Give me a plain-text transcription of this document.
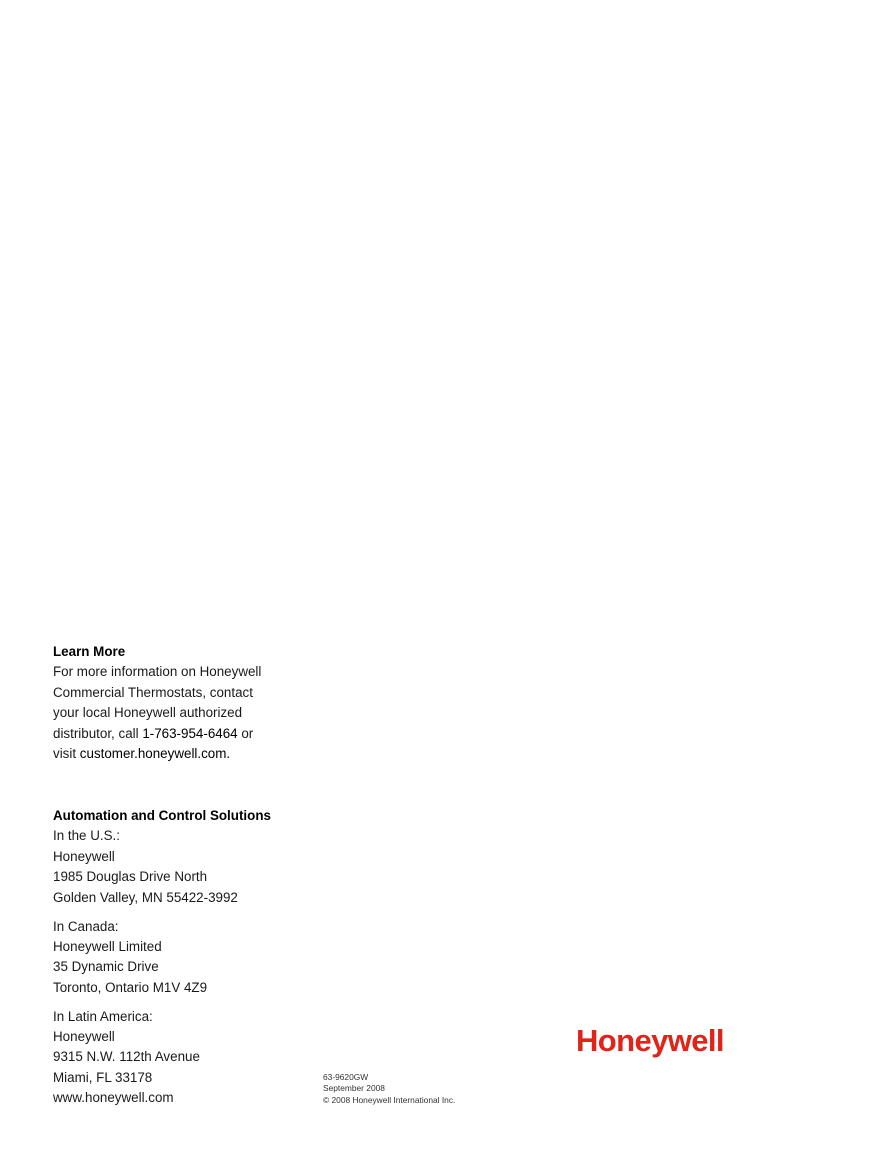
Learn More
For more information on Honeywell
Commercial Thermostats, contact
your local Honeywell authorized
distributor, call 1-763-954-6464 or
visit customer.honeywell.com.
Automation and Control Solutions
In the U.S.:
Honeywell
1985 Douglas Drive North
Golden Valley, MN 55422-3992
In Canada:
Honeywell Limited
35 Dynamic Drive
Toronto, Ontario M1V 4Z9
In Latin America:
Honeywell
9315 N.W. 112th Avenue
Miami, FL 33178
www.honeywell.com
63-9620GW
September 2008
© 2008 Honeywell International Inc.
Honeywell
